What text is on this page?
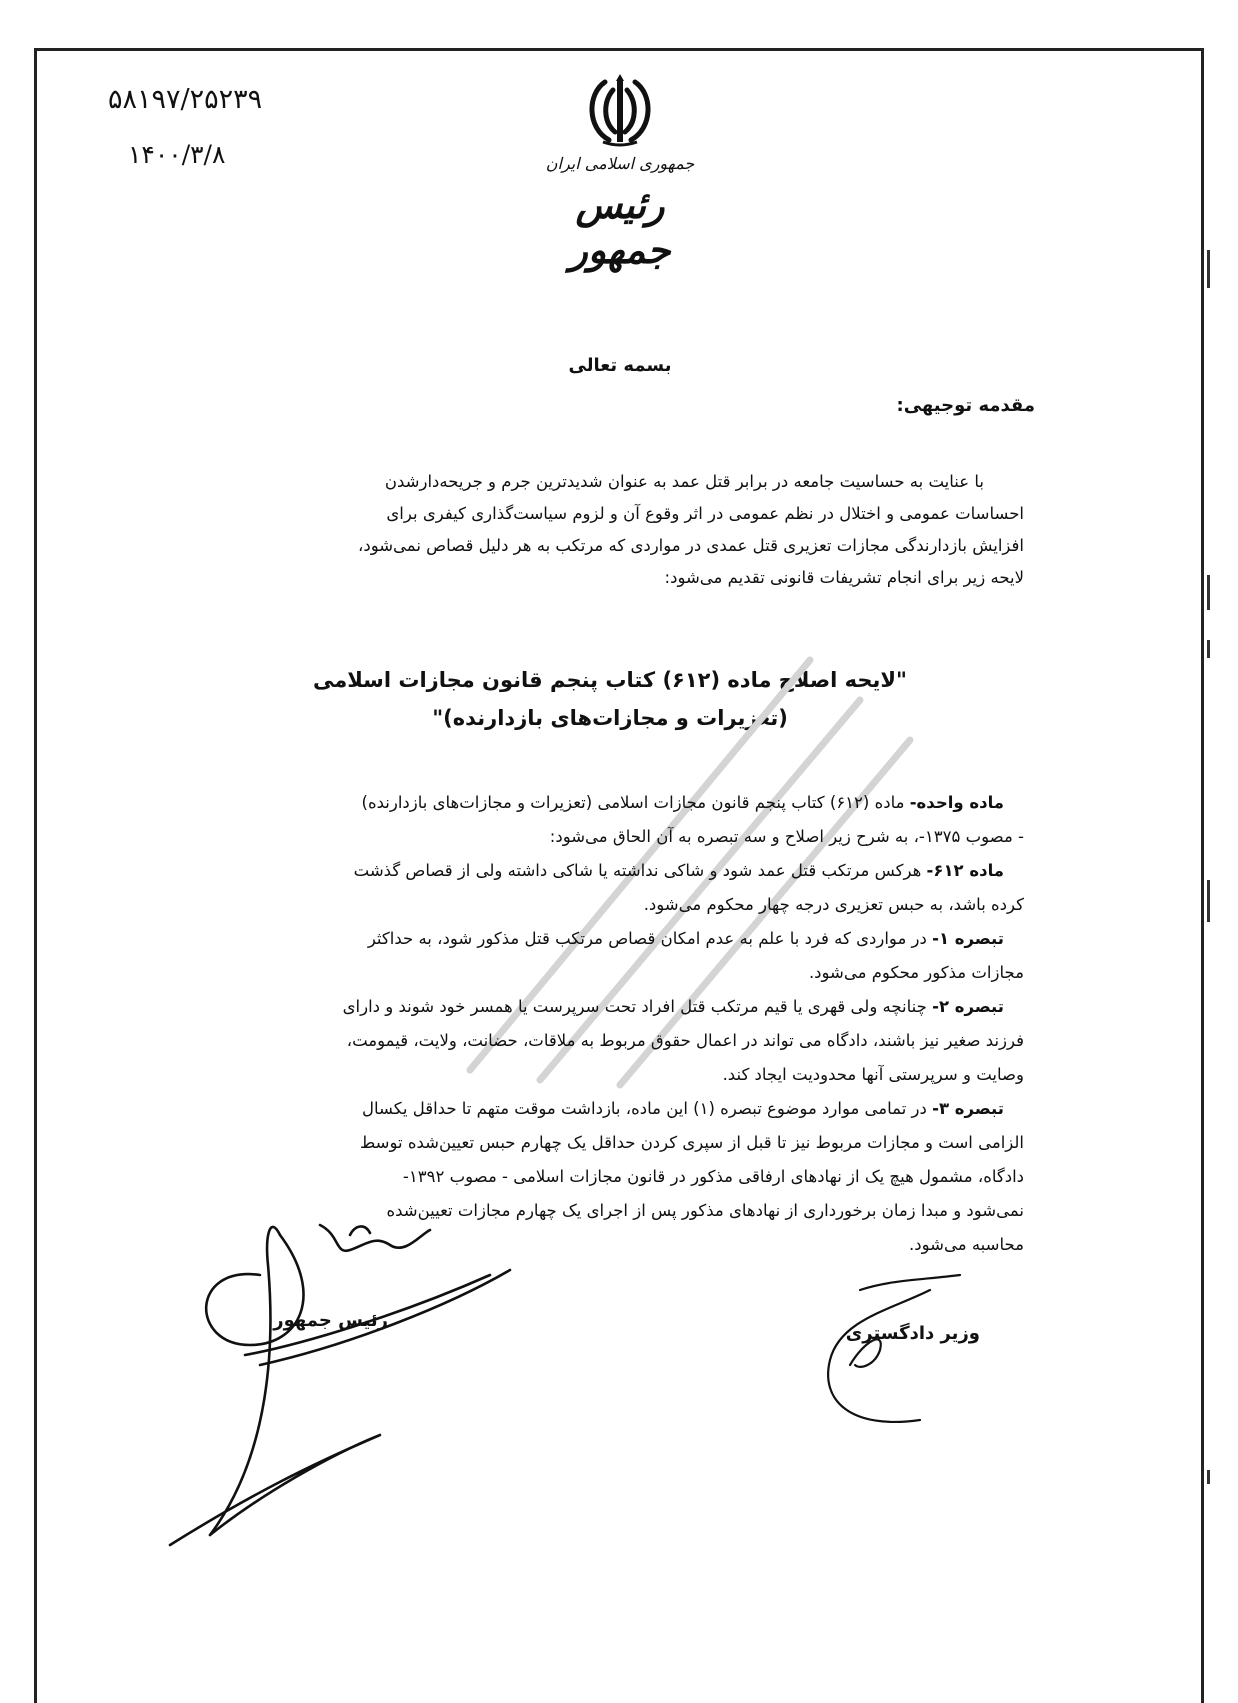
۵۸۱۹۷/۲۵۲۳۹
۱۴۰۰/۳/۸	جمهوری اسلامی ایران
رئیس جمهور
بسمه تعالی
مقدمه توجیهی:
با عنایت به حساسیت جامعه در برابر قتل عمد به عنوان شدیدترین جرم و جریحه‌دارشدن
احساسات عمومی و اختلال در نظم عمومی در اثر وقوع آن و لزوم سیاست‌گذاری کیفری برای
افزایش بازدارندگی مجازات تعزیری قتل عمدی در مواردی که مرتکب به هر دلیل قصاص نمی‌شود،
لایحه زیر برای انجام تشریفات قانونی تقدیم می‌شود:
"لایحه اصلاح ماده (۶۱۲) کتاب پنجم قانون مجازات اسلامی
(تعزیرات و مجازات‌های بازدارنده)"
ماده واحده- ماده (۶۱۲) کتاب پنجم قانون مجازات اسلامی (تعزیرات و مجازات‌های بازدارنده)
- مصوب ۱۳۷۵-، به شرح زیر اصلاح و سه تبصره به آن الحاق می‌شود:
ماده ۶۱۲- هرکس مرتکب قتل عمد شود و شاکی نداشته یا شاکی داشته ولی از قصاص گذشت
کرده باشد، به حبس تعزیری درجه چهار محکوم می‌شود.
تبصره ۱- در مواردی که فرد با علم به عدم امکان قصاص مرتکب قتل مذکور شود، به حداکثر
مجازات مذکور محکوم می‌شود.
تبصره ۲- چنانچه ولی قهری یا قیم مرتکب قتل افراد تحت سرپرست یا همسر خود شوند و دارای
فرزند صغیر نیز باشند، دادگاه می تواند در اعمال حقوق مربوط به ملاقات، حضانت، ولایت، قیمومت،
وصایت و سرپرستی آنها محدودیت ایجاد کند.
تبصره ۳- در تمامی موارد موضوع تبصره (۱) این ماده، بازداشت موقت متهم تا حداقل یکسال
الزامی است و مجازات مربوط نیز تا قبل از سپری کردن حداقل یک چهارم حبس تعیین‌شده توسط
دادگاه، مشمول هیچ یک از نهادهای ارفاقی مذکور در قانون مجازات اسلامی - مصوب ۱۳۹۲-
نمی‌شود و مبدا زمان برخورداری از نهادهای مذکور پس از اجرای یک چهارم مجازات تعیین‌شده
محاسبه می‌شود.
رئیس جمهور
وزیر دادگستری
